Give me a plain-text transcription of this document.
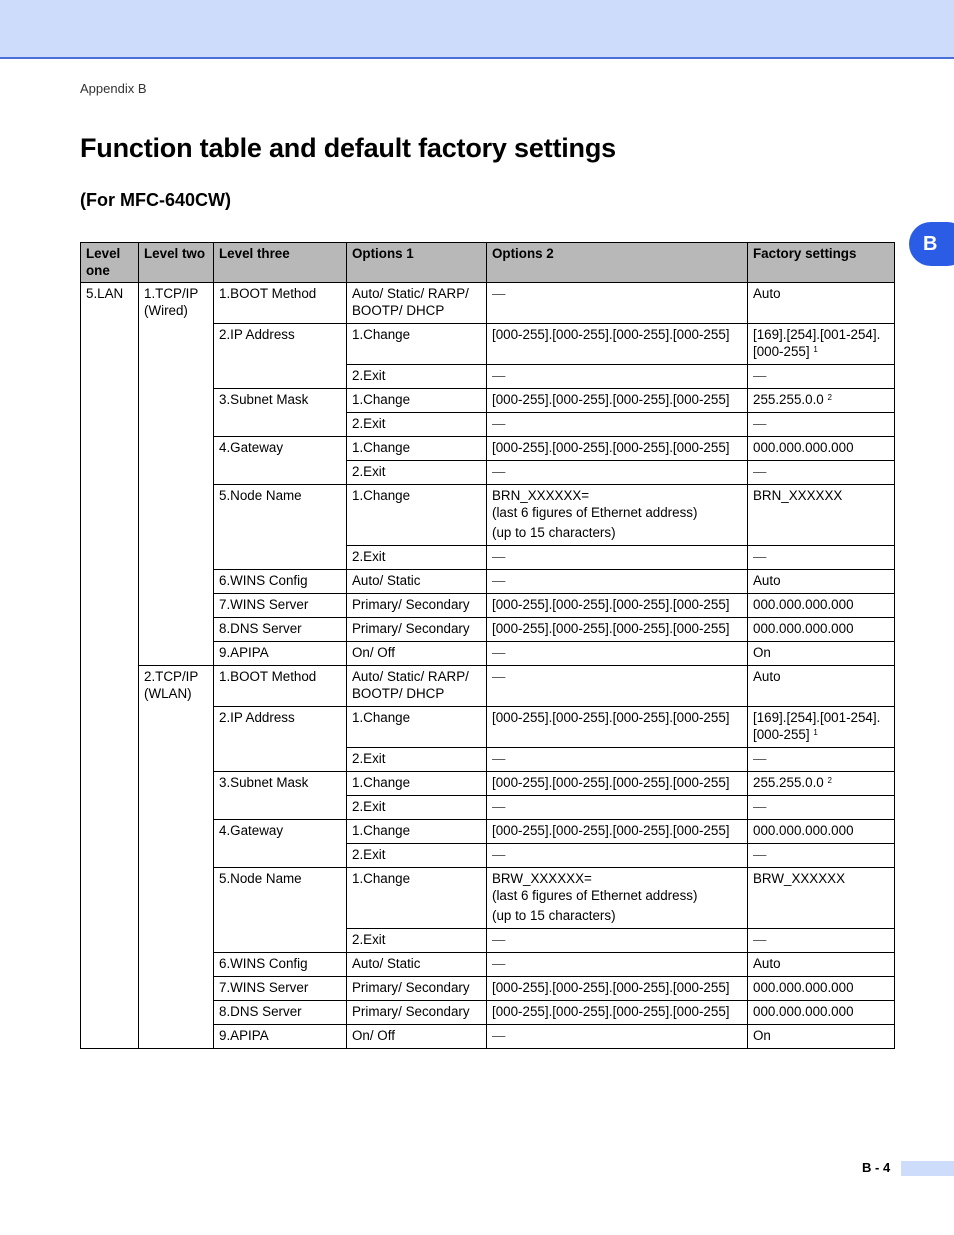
Appendix B
Function table and default factory settings
(For MFC-640CW)
B
Level one	Level two	Level three	Options 1	Options 2	Factory settings
5.LAN	1.TCP/IP (Wired)	1.BOOT Method	Auto/ Static/ RARP/ BOOTP/ DHCP	—	Auto
		2.IP Address	1.Change	[000-255].[000-255].[000-255].[000-255]	[169].[254].[001-254].[000-255] $^1$
			2.Exit	—	—
		3.Subnet Mask	1.Change	[000-255].[000-255].[000-255].[000-255]	255.255.0.0 $^2$
			2.Exit	—	—
		4.Gateway	1.Change	[000-255].[000-255].[000-255].[000-255]	000.000.000.000
			2.Exit	—	—
		5.Node Name	1.Change	BRN_XXXXXX=
(last 6 figures of Ethernet address)
(up to 15 characters)	BRN_XXXXXX
			2.Exit	—	—
		6.WINS Config	Auto/ Static	—	Auto
		7.WINS Server	Primary/ Secondary	[000-255].[000-255].[000-255].[000-255]	000.000.000.000
		8.DNS Server	Primary/ Secondary	[000-255].[000-255].[000-255].[000-255]	000.000.000.000
		9.APIPA	On/ Off	—	On
	2.TCP/IP (WLAN)	1.BOOT Method	Auto/ Static/ RARP/ BOOTP/ DHCP	—	Auto
		2.IP Address	1.Change	[000-255].[000-255].[000-255].[000-255]	[169].[254].[001-254].[000-255] $^1$
			2.Exit	—	—
		3.Subnet Mask	1.Change	[000-255].[000-255].[000-255].[000-255]	255.255.0.0 $^2$
			2.Exit	—	—
		4.Gateway	1.Change	[000-255].[000-255].[000-255].[000-255]	000.000.000.000
			2.Exit	—	—
		5.Node Name	1.Change	BRW_XXXXXX=
(last 6 figures of Ethernet address)
(up to 15 characters)	BRW_XXXXXX
			2.Exit	—	—
		6.WINS Config	Auto/ Static	—	Auto
		7.WINS Server	Primary/ Secondary	[000-255].[000-255].[000-255].[000-255]	000.000.000.000
		8.DNS Server	Primary/ Secondary	[000-255].[000-255].[000-255].[000-255]	000.000.000.000
		9.APIPA	On/ Off	—	On
B - 4
